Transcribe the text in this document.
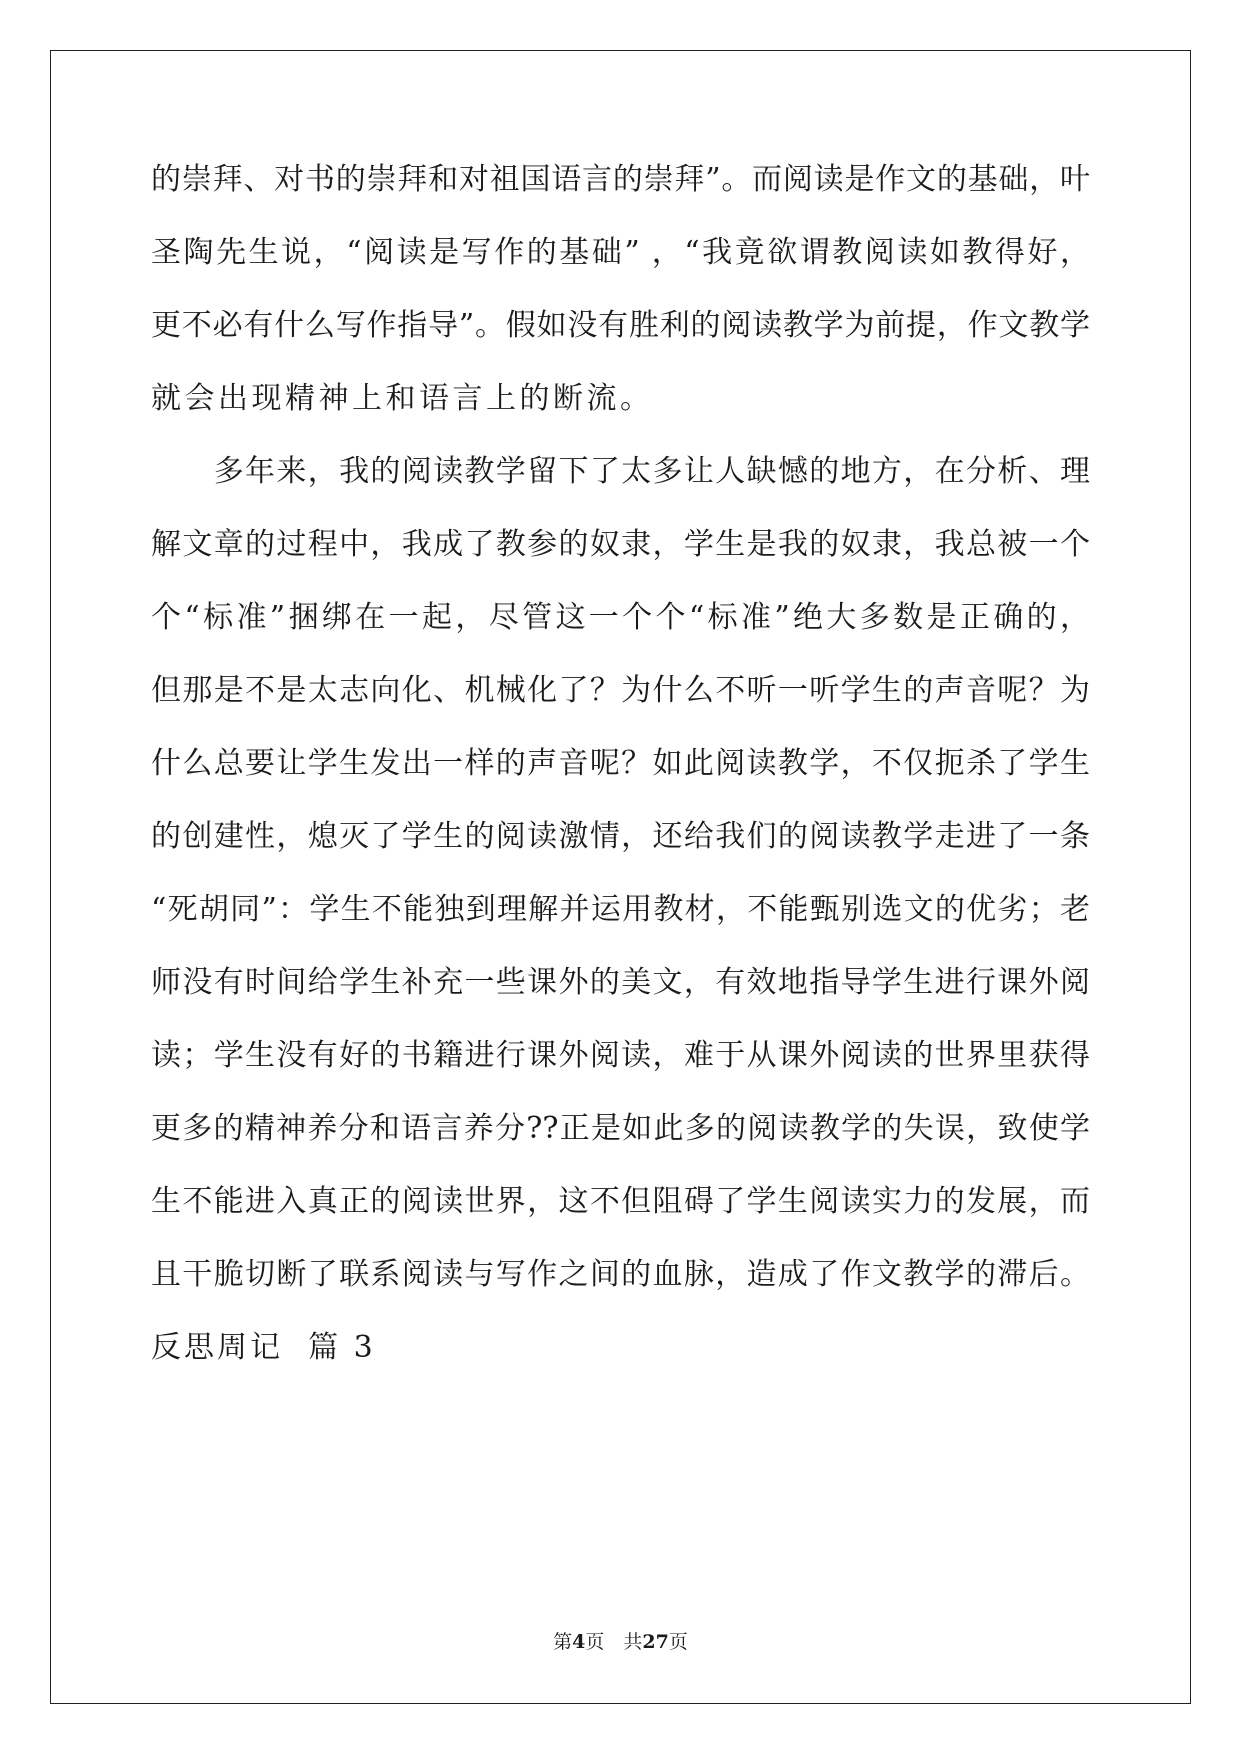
的崇拜、对书的崇拜和对祖国语言的崇拜”。而阅读是作文的基础，叶
圣陶先生说，“阅读是写作的基础” ，“我竟欲谓教阅读如教得好，
更不必有什么写作指导”。假如没有胜利的阅读教学为前提，作文教学
就会出现精神上和语言上的断流。
　　多年来，我的阅读教学留下了太多让人缺憾的地方，在分析、理
解文章的过程中，我成了教参的奴隶，学生是我的奴隶，我总被一个
个“标准”捆绑在一起，尽管这一个个“标准”绝大多数是正确的，
但那是不是太志向化、机械化了？为什么不听一听学生的声音呢？为
什么总要让学生发出一样的声音呢？如此阅读教学，不仅扼杀了学生
的创建性，熄灭了学生的阅读激情，还给我们的阅读教学走进了一条
“死胡同”：学生不能独到理解并运用教材，不能甄别选文的优劣；老
师没有时间给学生补充一些课外的美文，有效地指导学生进行课外阅
读；学生没有好的书籍进行课外阅读，难于从课外阅读的世界里获得
更多的精神养分和语言养分??正是如此多的阅读教学的失误，致使学
生不能进入真正的阅读世界，这不但阻碍了学生阅读实力的发展，而
且干脆切断了联系阅读与写作之间的血脉，造成了作文教学的滞后。
反思周记  篇 3
第4页　共27页
